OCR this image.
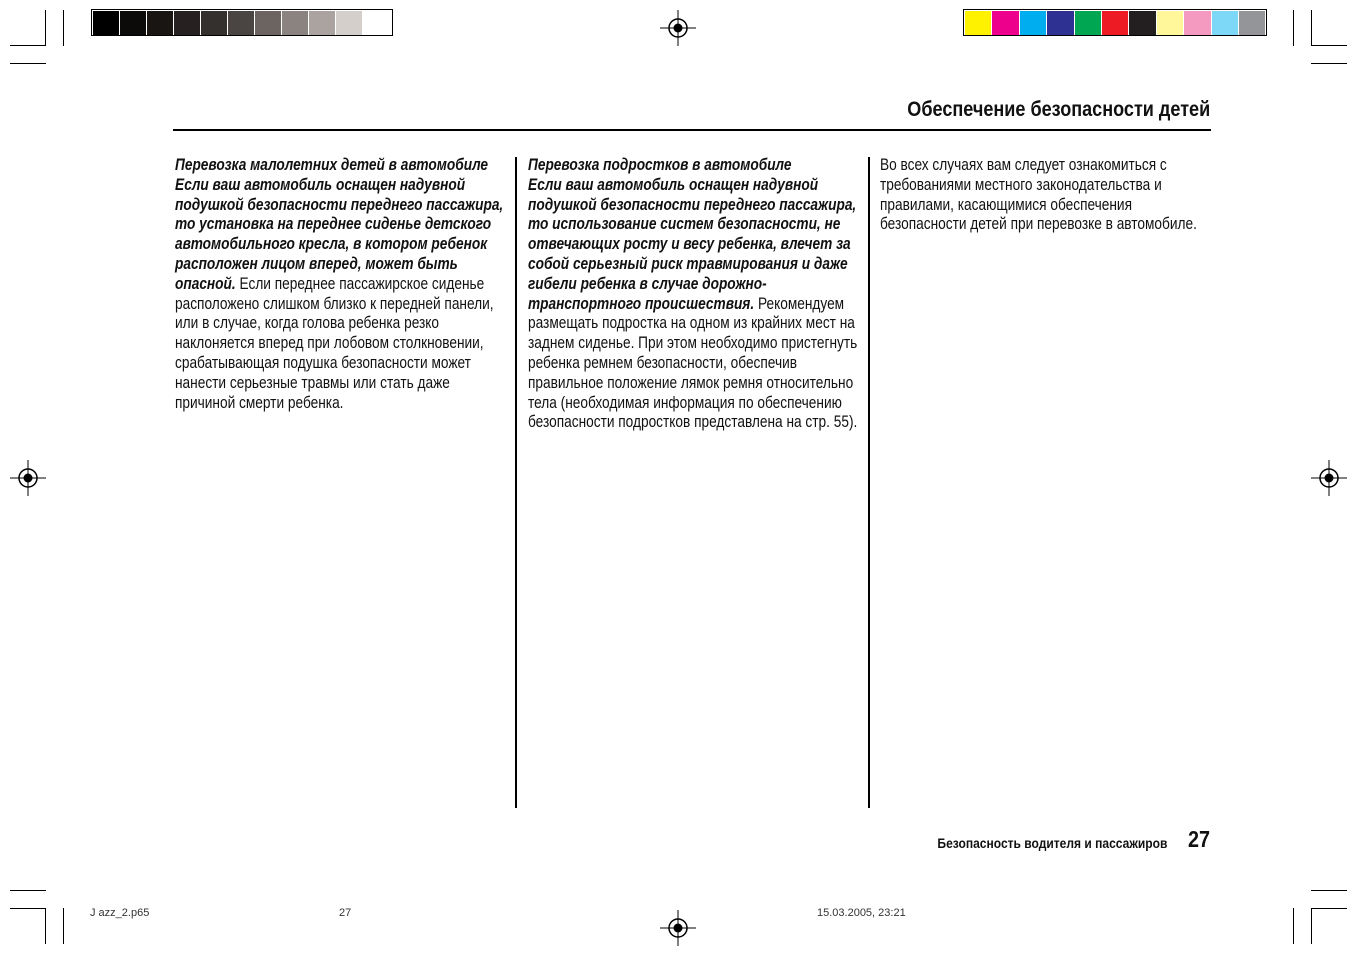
Обеспечение безопасности детей
Перевозка малолетних детей в автомобиле
Если ваш автомобиль оснащен надувной подушкой безопасности переднего пассажира, то установка на переднее сиденье детского автомобильного кресла, в котором ребенок расположен лицом вперед, может быть опасной. Если переднее пассажирское сиденье расположено слишком близко к передней панели, или в случае, когда голова ребенка резко наклоняется вперед при лобовом столкновении, срабатывающая подушка безопасности может нанести серьезные травмы или стать даже причиной смерти ребенка.
Перевозка подростков в автомобиле
Если ваш автомобиль оснащен надувной подушкой безопасности переднего пассажира, то использование систем безопасности, не отвечающих росту и весу ребенка, влечет за собой серьезный риск травмирования и даже гибели ребенка в случае дорожно-транспортного происшествия. Рекомендуем размещать подростка на одном из крайних мест на заднем сиденье. При этом необходимо пристегнуть ребенка ремнем безопасности, обеспечив правильное положение лямок ремня относительно тела (необходимая информация по обеспечению безопасности подростков представлена на стр. 55).
Во всех случаях вам следует ознакомиться с требованиями местного законодательства и правилами, касающимися обеспечения безопасности детей при перевозке в автомобиле.
Безопасность водителя и пассажиров 27
J azz_2.p65	27	15.03.2005, 23:21
